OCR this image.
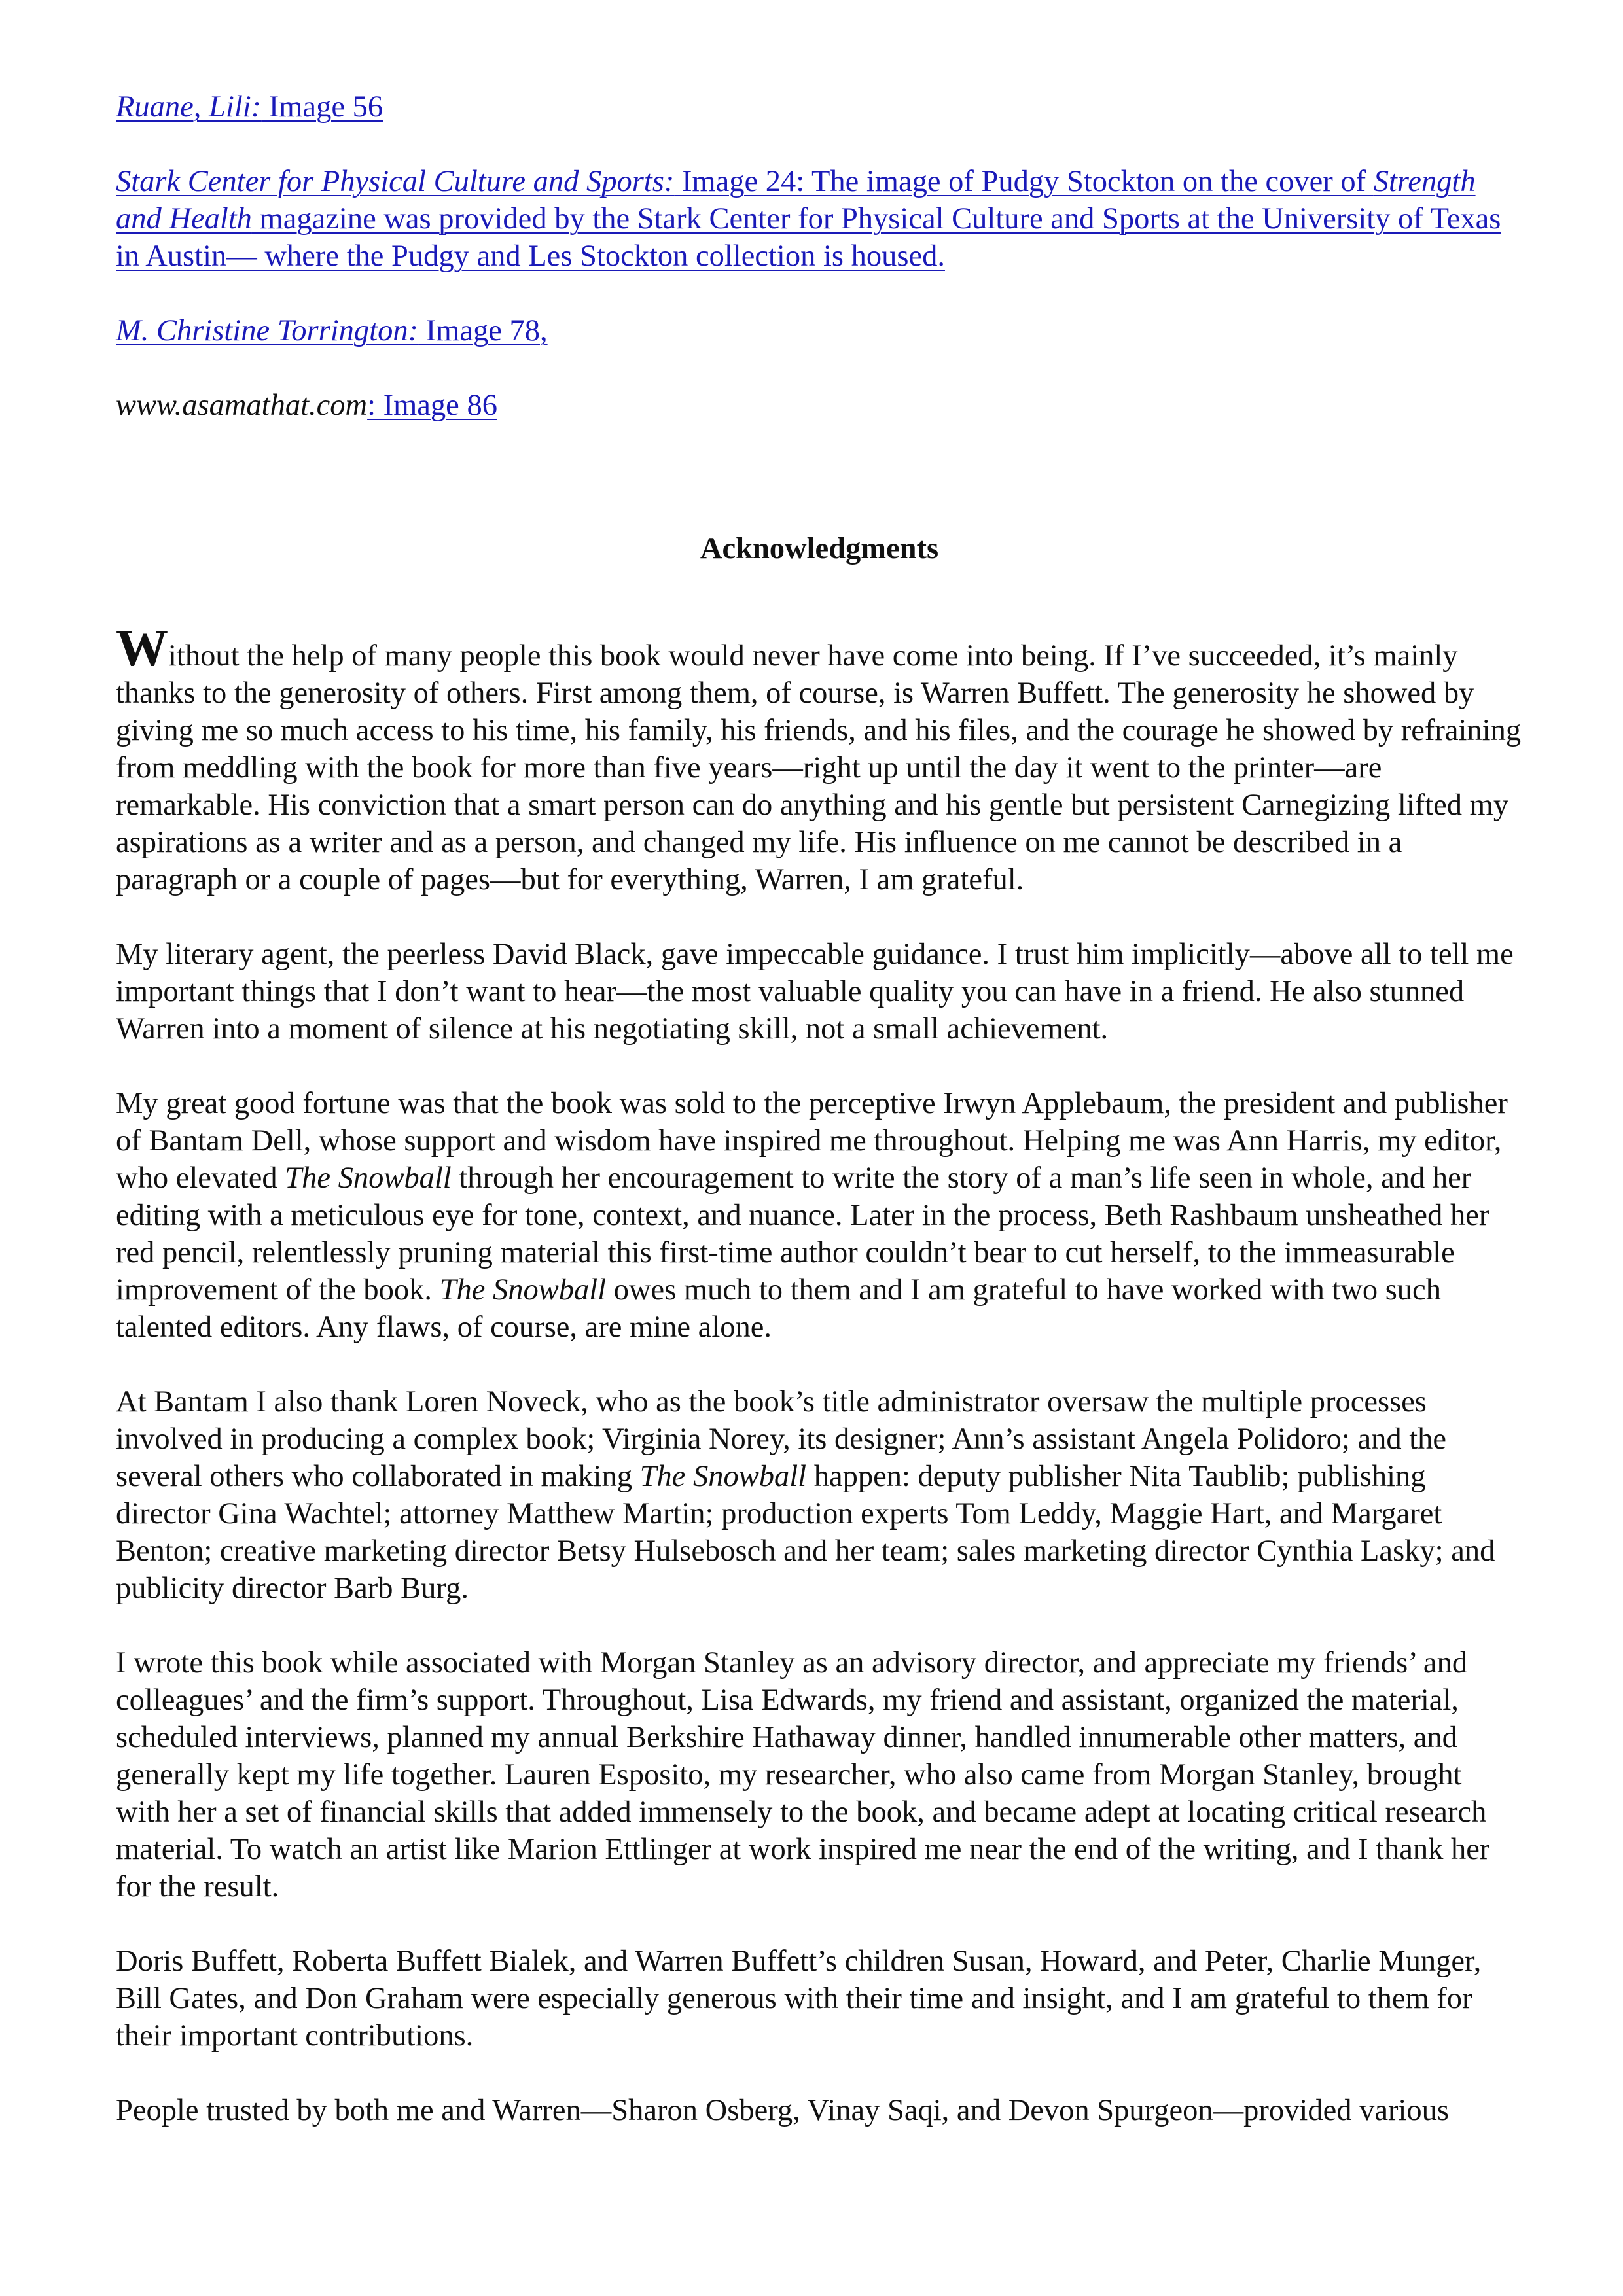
Ruane, Lili: Image 56

Stark Center for Physical Culture and Sports: Image 24: The image of Pudgy Stockton on the cover of Strength and Health magazine was provided by the Stark Center for Physical Culture and Sports at the University of Texas in Austin— where the Pudgy and Les Stockton collection is housed.

M. Christine Torrington: Image 78,

www.asamathat.com: Image 86

Acknowledgments

Without the help of many people this book would never have come into being. If I’ve succeeded, it’s mainly thanks to the generosity of others. First among them, of course, is Warren Buffett. The generosity he showed by giving me so much access to his time, his family, his friends, and his files, and the courage he showed by refraining from meddling with the book for more than five years—right up until the day it went to the printer—are remarkable. His conviction that a smart person can do anything and his gentle but persistent Carnegizing lifted my aspirations as a writer and as a person, and changed my life. His influence on me cannot be described in a paragraph or a couple of pages—but for everything, Warren, I am grateful.

My literary agent, the peerless David Black, gave impeccable guidance. I trust him implicitly—above all to tell me important things that I don’t want to hear—the most valuable quality you can have in a friend. He also stunned Warren into a moment of silence at his negotiating skill, not a small achievement.

My great good fortune was that the book was sold to the perceptive Irwyn Applebaum, the president and publisher of Bantam Dell, whose support and wisdom have inspired me throughout. Helping me was Ann Harris, my editor, who elevated The Snowball through her encouragement to write the story of a man’s life seen in whole, and her editing with a meticulous eye for tone, context, and nuance. Later in the process, Beth Rashbaum unsheathed her red pencil, relentlessly pruning material this first-time author couldn’t bear to cut herself, to the immeasurable improvement of the book. The Snowball owes much to them and I am grateful to have worked with two such talented editors. Any flaws, of course, are mine alone.

At Bantam I also thank Loren Noveck, who as the book’s title administrator oversaw the multiple processes involved in producing a complex book; Virginia Norey, its designer; Ann’s assistant Angela Polidoro; and the several others who collaborated in making The Snowball happen: deputy publisher Nita Taublib; publishing director Gina Wachtel; attorney Matthew Martin; production experts Tom Leddy, Maggie Hart, and Margaret Benton; creative marketing director Betsy Hulsebosch and her team; sales marketing director Cynthia Lasky; and publicity director Barb Burg.

I wrote this book while associated with Morgan Stanley as an advisory director, and appreciate my friends’ and colleagues’ and the firm’s support. Throughout, Lisa Edwards, my friend and assistant, organized the material, scheduled interviews, planned my annual Berkshire Hathaway dinner, handled innumerable other matters, and generally kept my life together. Lauren Esposito, my researcher, who also came from Morgan Stanley, brought with her a set of financial skills that added immensely to the book, and became adept at locating critical research material. To watch an artist like Marion Ettlinger at work inspired me near the end of the writing, and I thank her for the result.

Doris Buffett, Roberta Buffett Bialek, and Warren Buffett’s children Susan, Howard, and Peter, Charlie Munger, Bill Gates, and Don Graham were especially generous with their time and insight, and I am grateful to them for their important contributions.

People trusted by both me and Warren—Sharon Osberg, Vinay Saqi, and Devon Spurgeon—provided various
